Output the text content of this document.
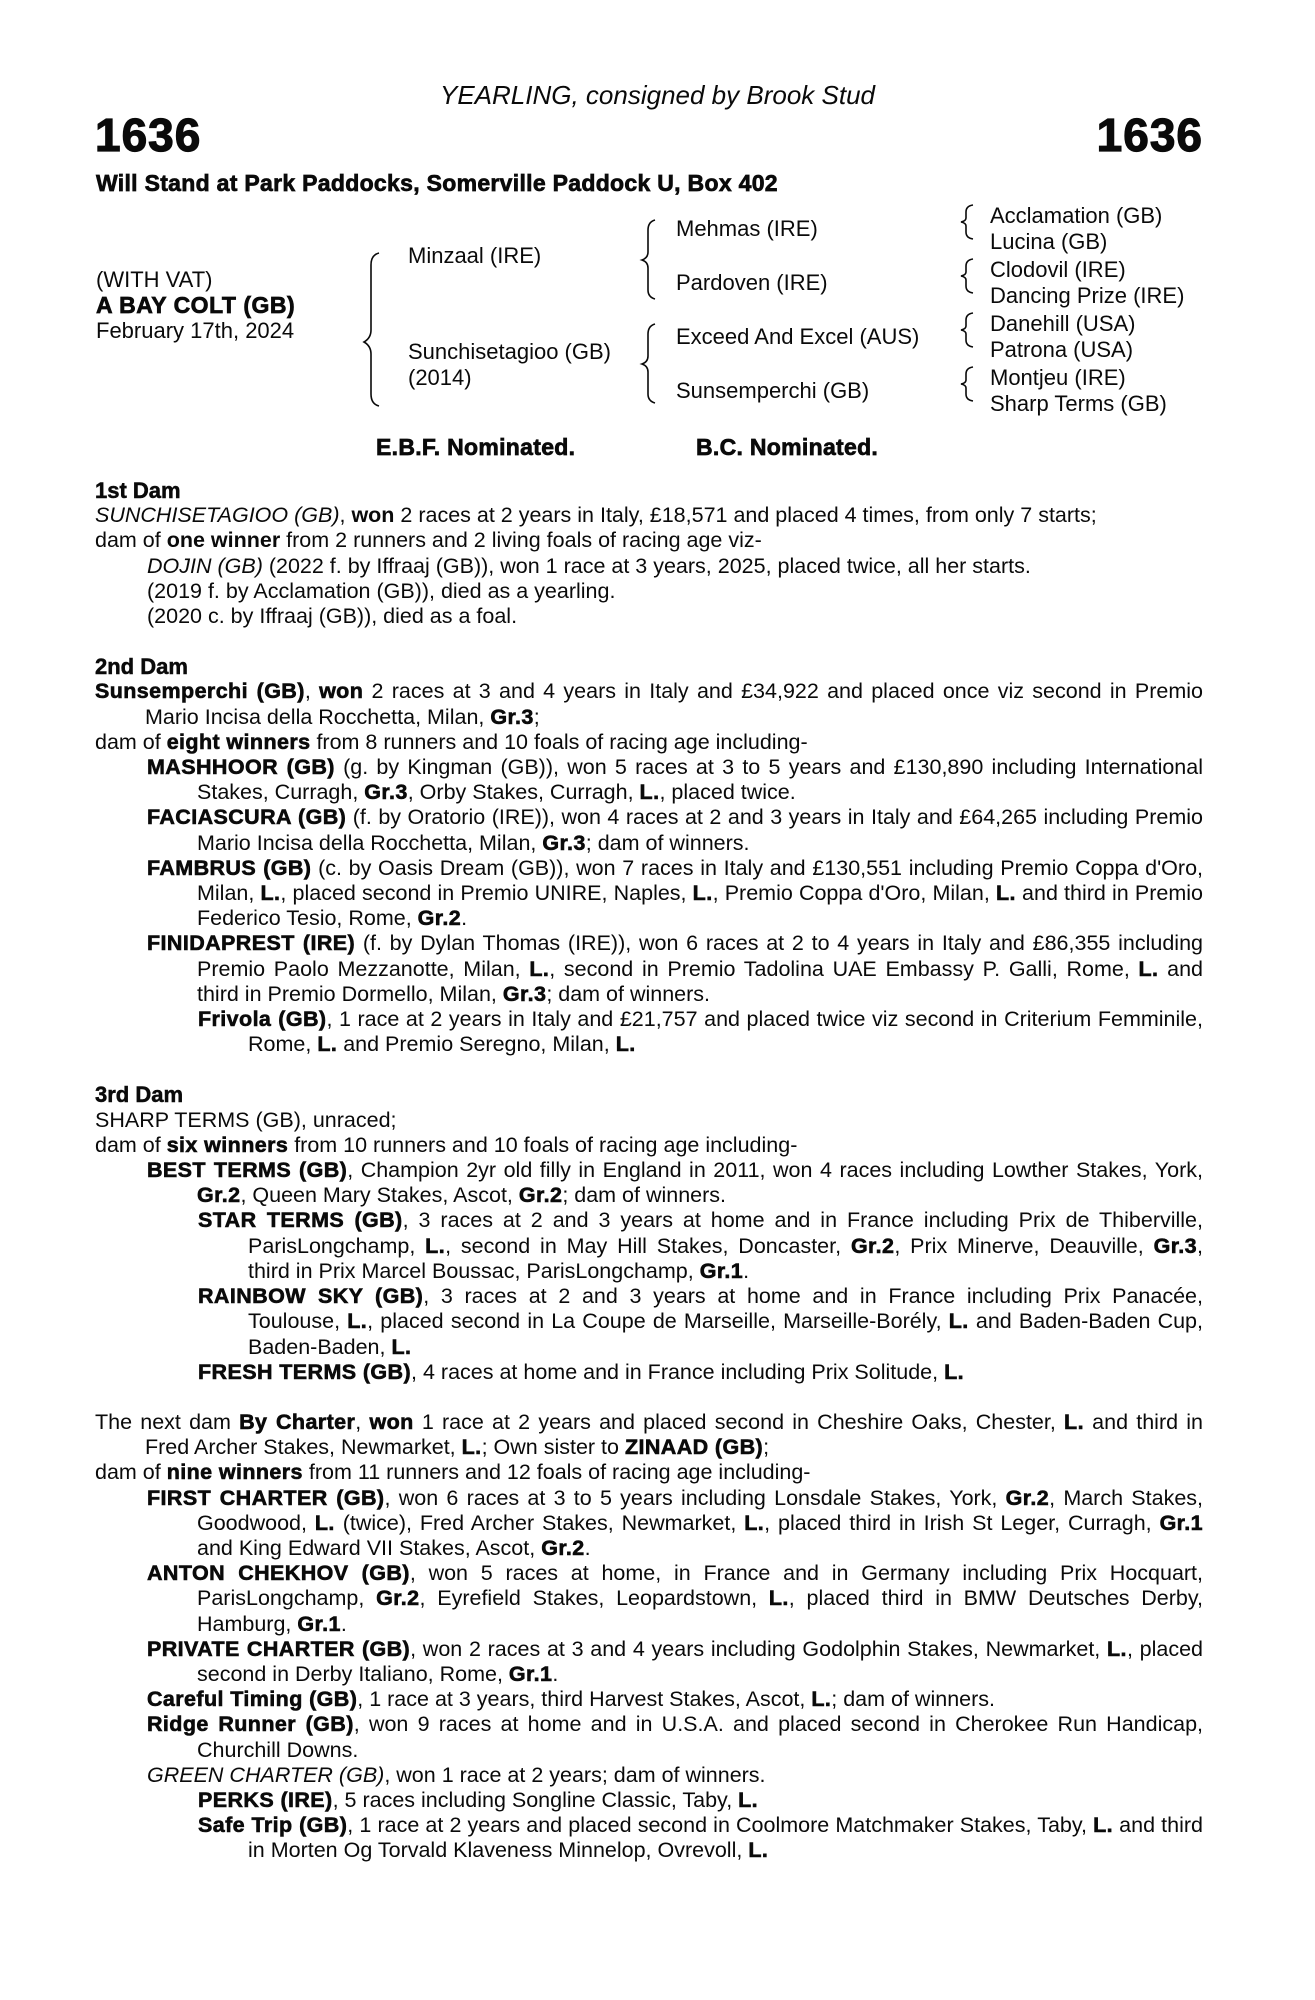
YEARLING, consigned by Brook Stud
1636	1636
Will Stand at Park Paddocks, Somerville Paddock U, Box 402
(WITH VAT)
A BAY COLT (GB)
February 17th, 2024
Minzaal (IRE)
Sunchisetagioo (GB)
(2014)
Mehmas (IRE)
Pardoven (IRE)
Exceed And Excel (AUS)
Sunsemperchi (GB)
Acclamation (GB)
Lucina (GB)
Clodovil (IRE)
Dancing Prize (IRE)
Danehill (USA)
Patrona (USA)
Montjeu (IRE)
Sharp Terms (GB)
E.B.F. Nominated.	B.C. Nominated.
1st Dam
SUNCHISETAGIOO (GB), won 2 races at 2 years in Italy, £18,571 and placed 4 times, from only 7 starts;
dam of one winner from 2 runners and 2 living foals of racing age viz-
DOJIN (GB) (2022 f. by Iffraaj (GB)), won 1 race at 3 years, 2025, placed twice, all her starts.
(2019 f. by Acclamation (GB)), died as a yearling.
(2020 c. by Iffraaj (GB)), died as a foal.
2nd Dam
Sunsemperchi (GB), won 2 races at 3 and 4 years in Italy and £34,922 and placed once viz second in Premio Mario Incisa della Rocchetta, Milan, Gr.3;
dam of eight winners from 8 runners and 10 foals of racing age including-
MASHHOOR (GB) (g. by Kingman (GB)), won 5 races at 3 to 5 years and £130,890 including International Stakes, Curragh, Gr.3, Orby Stakes, Curragh, L., placed twice.
FACIASCURA (GB) (f. by Oratorio (IRE)), won 4 races at 2 and 3 years in Italy and £64,265 including Premio Mario Incisa della Rocchetta, Milan, Gr.3; dam of winners.
FAMBRUS (GB) (c. by Oasis Dream (GB)), won 7 races in Italy and £130,551 including Premio Coppa d'Oro, Milan, L., placed second in Premio UNIRE, Naples, L., Premio Coppa d'Oro, Milan, L. and third in Premio Federico Tesio, Rome, Gr.2.
FINIDAPREST (IRE) (f. by Dylan Thomas (IRE)), won 6 races at 2 to 4 years in Italy and £86,355 including Premio Paolo Mezzanotte, Milan, L., second in Premio Tadolina UAE Embassy P. Galli, Rome, L. and third in Premio Dormello, Milan, Gr.3; dam of winners.
Frivola (GB), 1 race at 2 years in Italy and £21,757 and placed twice viz second in Criterium Femminile, Rome, L. and Premio Seregno, Milan, L.
3rd Dam
SHARP TERMS (GB), unraced;
dam of six winners from 10 runners and 10 foals of racing age including-
BEST TERMS (GB), Champion 2yr old filly in England in 2011, won 4 races including Lowther Stakes, York, Gr.2, Queen Mary Stakes, Ascot, Gr.2; dam of winners.
STAR TERMS (GB), 3 races at 2 and 3 years at home and in France including Prix de Thiberville, ParisLongchamp, L., second in May Hill Stakes, Doncaster, Gr.2, Prix Minerve, Deauville, Gr.3, third in Prix Marcel Boussac, ParisLongchamp, Gr.1.
RAINBOW SKY (GB), 3 races at 2 and 3 years at home and in France including Prix Panacée, Toulouse, L., placed second in La Coupe de Marseille, Marseille-Borély, L. and Baden-Baden Cup, Baden-Baden, L.
FRESH TERMS (GB), 4 races at home and in France including Prix Solitude, L.
The next dam By Charter, won 1 race at 2 years and placed second in Cheshire Oaks, Chester, L. and third in Fred Archer Stakes, Newmarket, L.; Own sister to ZINAAD (GB);
dam of nine winners from 11 runners and 12 foals of racing age including-
FIRST CHARTER (GB), won 6 races at 3 to 5 years including Lonsdale Stakes, York, Gr.2, March Stakes, Goodwood, L. (twice), Fred Archer Stakes, Newmarket, L., placed third in Irish St Leger, Curragh, Gr.1 and King Edward VII Stakes, Ascot, Gr.2.
ANTON CHEKHOV (GB), won 5 races at home, in France and in Germany including Prix Hocquart, ParisLongchamp, Gr.2, Eyrefield Stakes, Leopardstown, L., placed third in BMW Deutsches Derby, Hamburg, Gr.1.
PRIVATE CHARTER (GB), won 2 races at 3 and 4 years including Godolphin Stakes, Newmarket, L., placed second in Derby Italiano, Rome, Gr.1.
Careful Timing (GB), 1 race at 3 years, third Harvest Stakes, Ascot, L.; dam of winners.
Ridge Runner (GB), won 9 races at home and in U.S.A. and placed second in Cherokee Run Handicap, Churchill Downs.
GREEN CHARTER (GB), won 1 race at 2 years; dam of winners.
PERKS (IRE), 5 races including Songline Classic, Taby, L.
Safe Trip (GB), 1 race at 2 years and placed second in Coolmore Matchmaker Stakes, Taby, L. and third in Morten Og Torvald Klaveness Minnelop, Ovrevoll, L.
